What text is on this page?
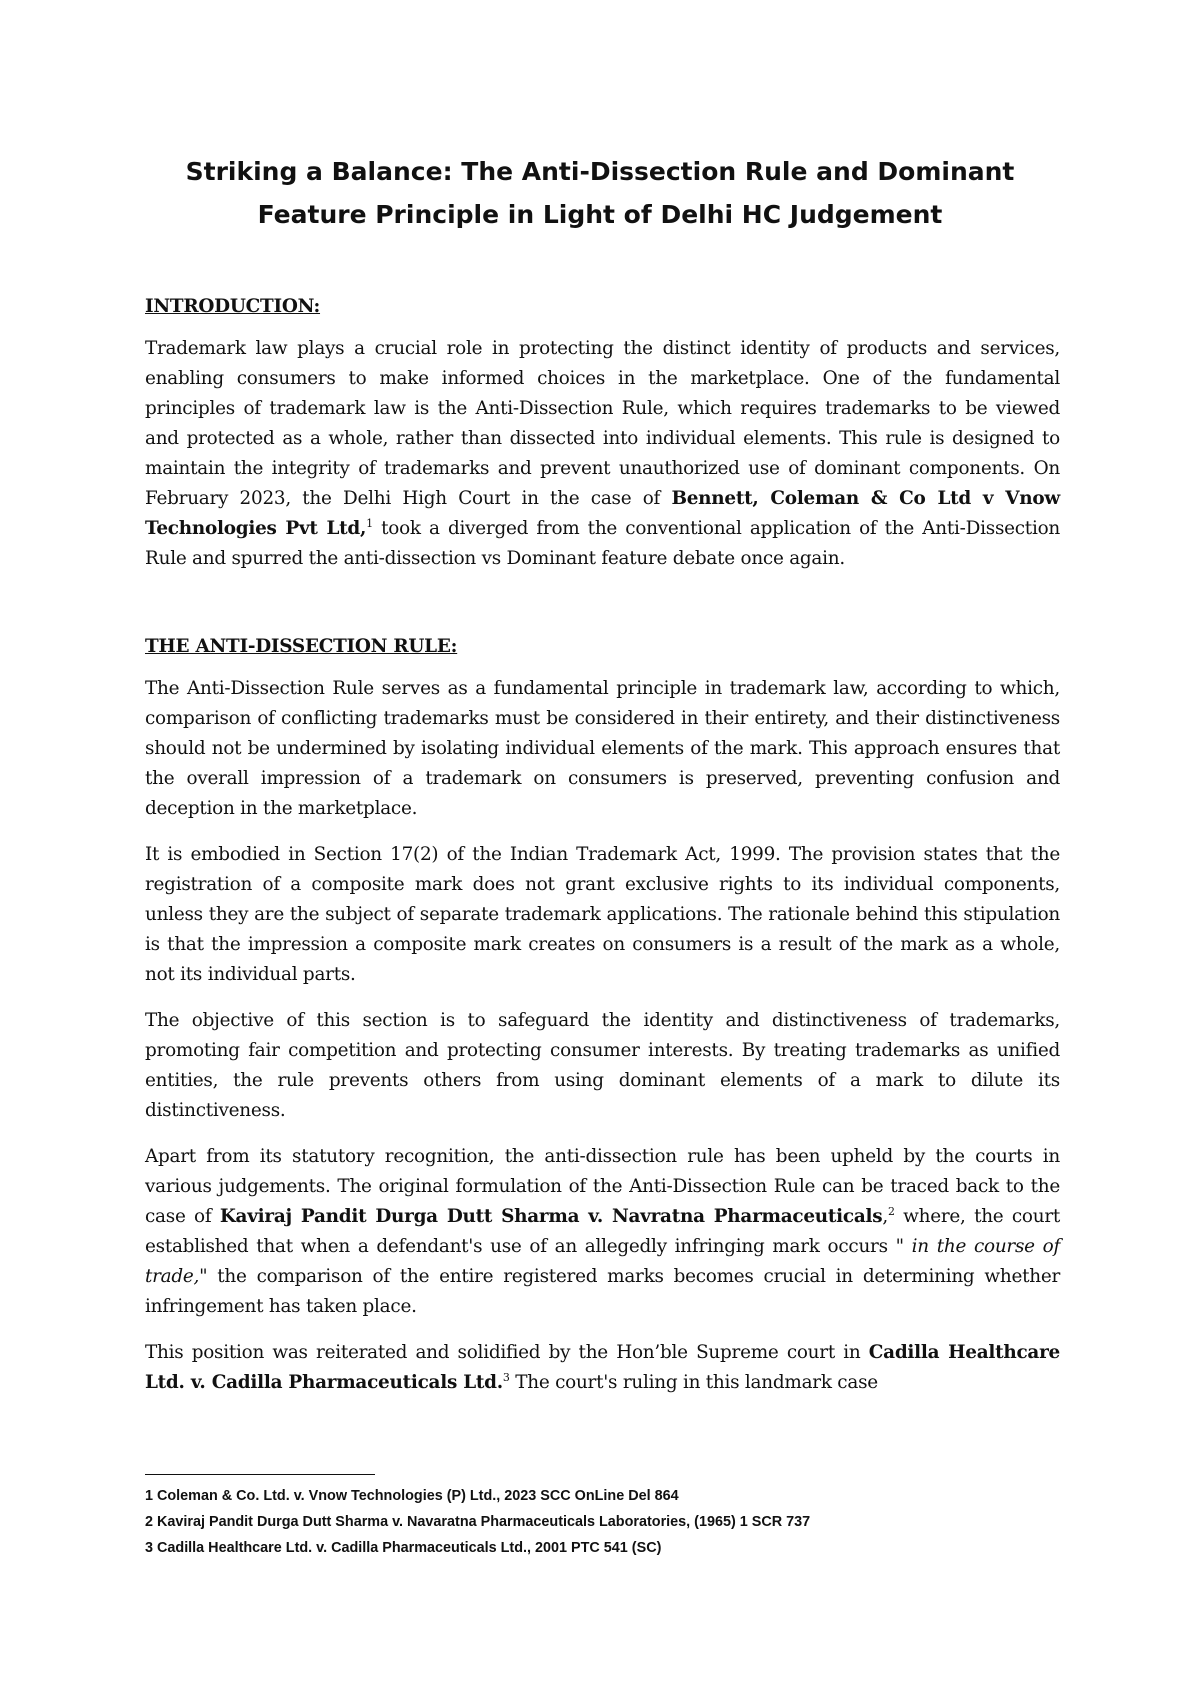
Striking a Balance: The Anti-Dissection Rule and Dominant Feature Principle in Light of Delhi HC Judgement
INTRODUCTION:

Trademark law plays a crucial role in protecting the distinct identity of products and services, enabling consumers to make informed choices in the marketplace. One of the fundamental principles of trademark law is the Anti-Dissection Rule, which requires trademarks to be viewed and protected as a whole, rather than dissected into individual elements. This rule is designed to maintain the integrity of trademarks and prevent unauthorized use of dominant components. On February 2023, the Delhi High Court in the case of Bennett, Coleman & Co Ltd v Vnow Technologies Pvt Ltd,$^1$ took a diverged from the conventional application of the Anti-Dissection Rule and spurred the anti-dissection vs Dominant feature debate once again.

THE ANTI-DISSECTION RULE:

The Anti-Dissection Rule serves as a fundamental principle in trademark law, according to which, comparison of conflicting trademarks must be considered in their entirety, and their distinctiveness should not be undermined by isolating individual elements of the mark. This approach ensures that the overall impression of a trademark on consumers is preserved, preventing confusion and deception in the marketplace.

It is embodied in Section 17(2) of the Indian Trademark Act, 1999. The provision states that the registration of a composite mark does not grant exclusive rights to its individual components, unless they are the subject of separate trademark applications. The rationale behind this stipulation is that the impression a composite mark creates on consumers is a result of the mark as a whole, not its individual parts.

The objective of this section is to safeguard the identity and distinctiveness of trademarks, promoting fair competition and protecting consumer interests. By treating trademarks as unified entities, the rule prevents others from using dominant elements of a mark to dilute its distinctiveness.

Apart from its statutory recognition, the anti-dissection rule has been upheld by the courts in various judgements. The original formulation of the Anti-Dissection Rule can be traced back to the case of Kaviraj Pandit Durga Dutt Sharma v. Navratna Pharmaceuticals,$^2$ where, the court established that when a defendant's use of an allegedly infringing mark occurs " in the course of trade," the comparison of the entire registered marks becomes crucial in determining whether infringement has taken place.

This position was reiterated and solidified by the Hon’ble Supreme court in Cadilla Healthcare Ltd. v. Cadilla Pharmaceuticals Ltd.$^3$ The court's ruling in this landmark case

1 Coleman & Co. Ltd. v. Vnow Technologies (P) Ltd., 2023 SCC OnLine Del 864
2 Kaviraj Pandit Durga Dutt Sharma v. Navaratna Pharmaceuticals Laboratories, (1965) 1 SCR 737
3 Cadilla Healthcare Ltd. v. Cadilla Pharmaceuticals Ltd., 2001 PTC 541 (SC)
